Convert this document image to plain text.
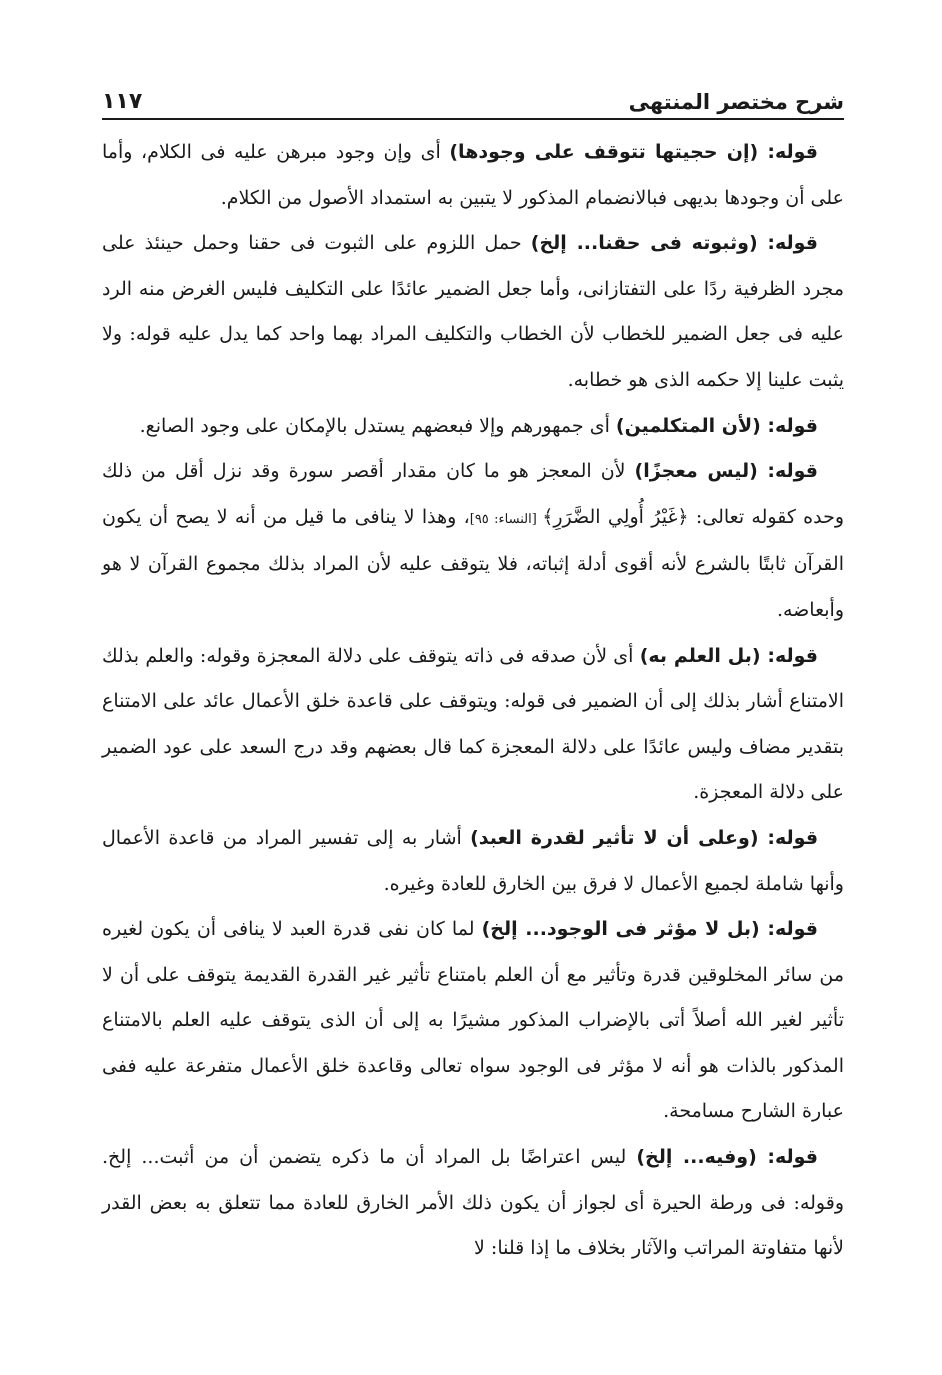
شرح مختصر المنتهى
١١٧

قوله: (إن حجيتها تتوقف على وجودها) أى وإن وجود مبرهن عليه فى الكلام، وأما على أن وجودها بديهى فبالانضمام المذكور لا يتبين به استمداد الأصول من الكلام.

قوله: (وثبوته فى حقنا... إلخ) حمل اللزوم على الثبوت فى حقنا وحمل حينئذ على مجرد الظرفية ردًا على التفتازانى، وأما جعل الضمير عائدًا على التكليف فليس الغرض منه الرد عليه فى جعل الضمير للخطاب لأن الخطاب والتكليف المراد بهما واحد كما يدل عليه قوله: ولا يثبت علينا إلا حكمه الذى هو خطابه.

قوله: (لأن المتكلمين) أى جمهورهم وإلا فبعضهم يستدل بالإمكان على وجود الصانع.

قوله: (ليس معجزًا) لأن المعجز هو ما كان مقدار أقصر سورة وقد نزل أقل من ذلك وحده كقوله تعالى: ﴿غَيْرُ أُولِي الضَّرَرِ﴾ [النساء: ٩٥]، وهذا لا ينافى ما قيل من أنه لا يصح أن يكون القرآن ثابتًا بالشرع لأنه أقوى أدلة إثباته، فلا يتوقف عليه لأن المراد بذلك مجموع القرآن لا هو وأبعاضه.

قوله: (بل العلم به) أى لأن صدقه فى ذاته يتوقف على دلالة المعجزة وقوله: والعلم بذلك الامتناع أشار بذلك إلى أن الضمير فى قوله: ويتوقف على قاعدة خلق الأعمال عائد على الامتناع بتقدير مضاف وليس عائدًا على دلالة المعجزة كما قال بعضهم وقد درج السعد على عود الضمير على دلالة المعجزة.

قوله: (وعلى أن لا تأثير لقدرة العبد) أشار به إلى تفسير المراد من قاعدة الأعمال وأنها شاملة لجميع الأعمال لا فرق بين الخارق للعادة وغيره.

قوله: (بل لا مؤثر فى الوجود... إلخ) لما كان نفى قدرة العبد لا ينافى أن يكون لغيره من سائر المخلوقين قدرة وتأثير مع أن العلم بامتناع تأثير غير القدرة القديمة يتوقف على أن لا تأثير لغير الله أصلاً أتى بالإضراب المذكور مشيرًا به إلى أن الذى يتوقف عليه العلم بالامتناع المذكور بالذات هو أنه لا مؤثر فى الوجود سواه تعالى وقاعدة خلق الأعمال متفرعة عليه ففى عبارة الشارح مسامحة.

قوله: (وفيه... إلخ) ليس اعتراضًا بل المراد أن ما ذكره يتضمن أن من أثبت... إلخ. وقوله: فى ورطة الحيرة أى لجواز أن يكون ذلك الأمر الخارق للعادة مما تتعلق به بعض القدر لأنها متفاوتة المراتب والآثار بخلاف ما إذا قلنا: لا
